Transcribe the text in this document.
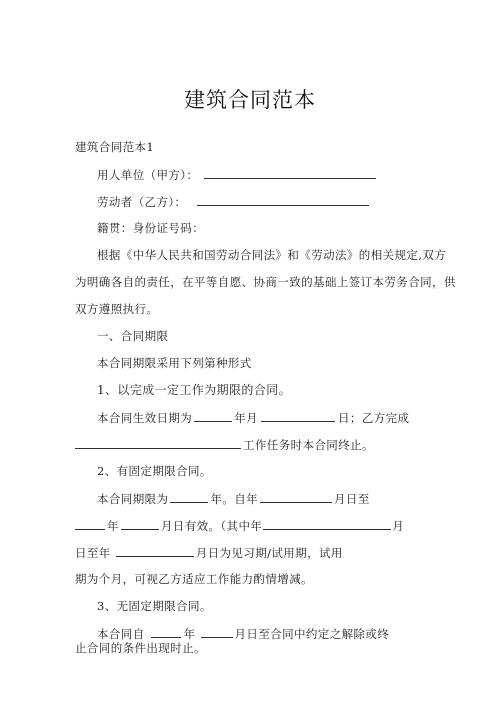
建筑合同范本
建筑合同范本1
用人单位（甲方）：
劳动者（乙方）：
籍贯：身份证号码：
根据《中华人民共和国劳动合同法》和《劳动法》的相关规定,双方
为明确各自的责任，在平等自愿、协商一致的基础上签订本劳务合同，供
双方遵照执行。
一、合同期限
本合同期限采用下列第种形式
1、以完成一定工作为期限的合同。
本合同生效日期为	年月	日；乙方完成
工作任务时本合同终止。
2、有固定期限合同。
本合同期限为	年。自年	月日至
年	月日有效。（其中年	月
日至年	月日为见习期/试用期，试用
期为个月，可视乙方适应工作能力酌情增减。
3、无固定期限合同。
本合同自	年	月日至合同中约定之解除或终
止合同的条件出现时止。
